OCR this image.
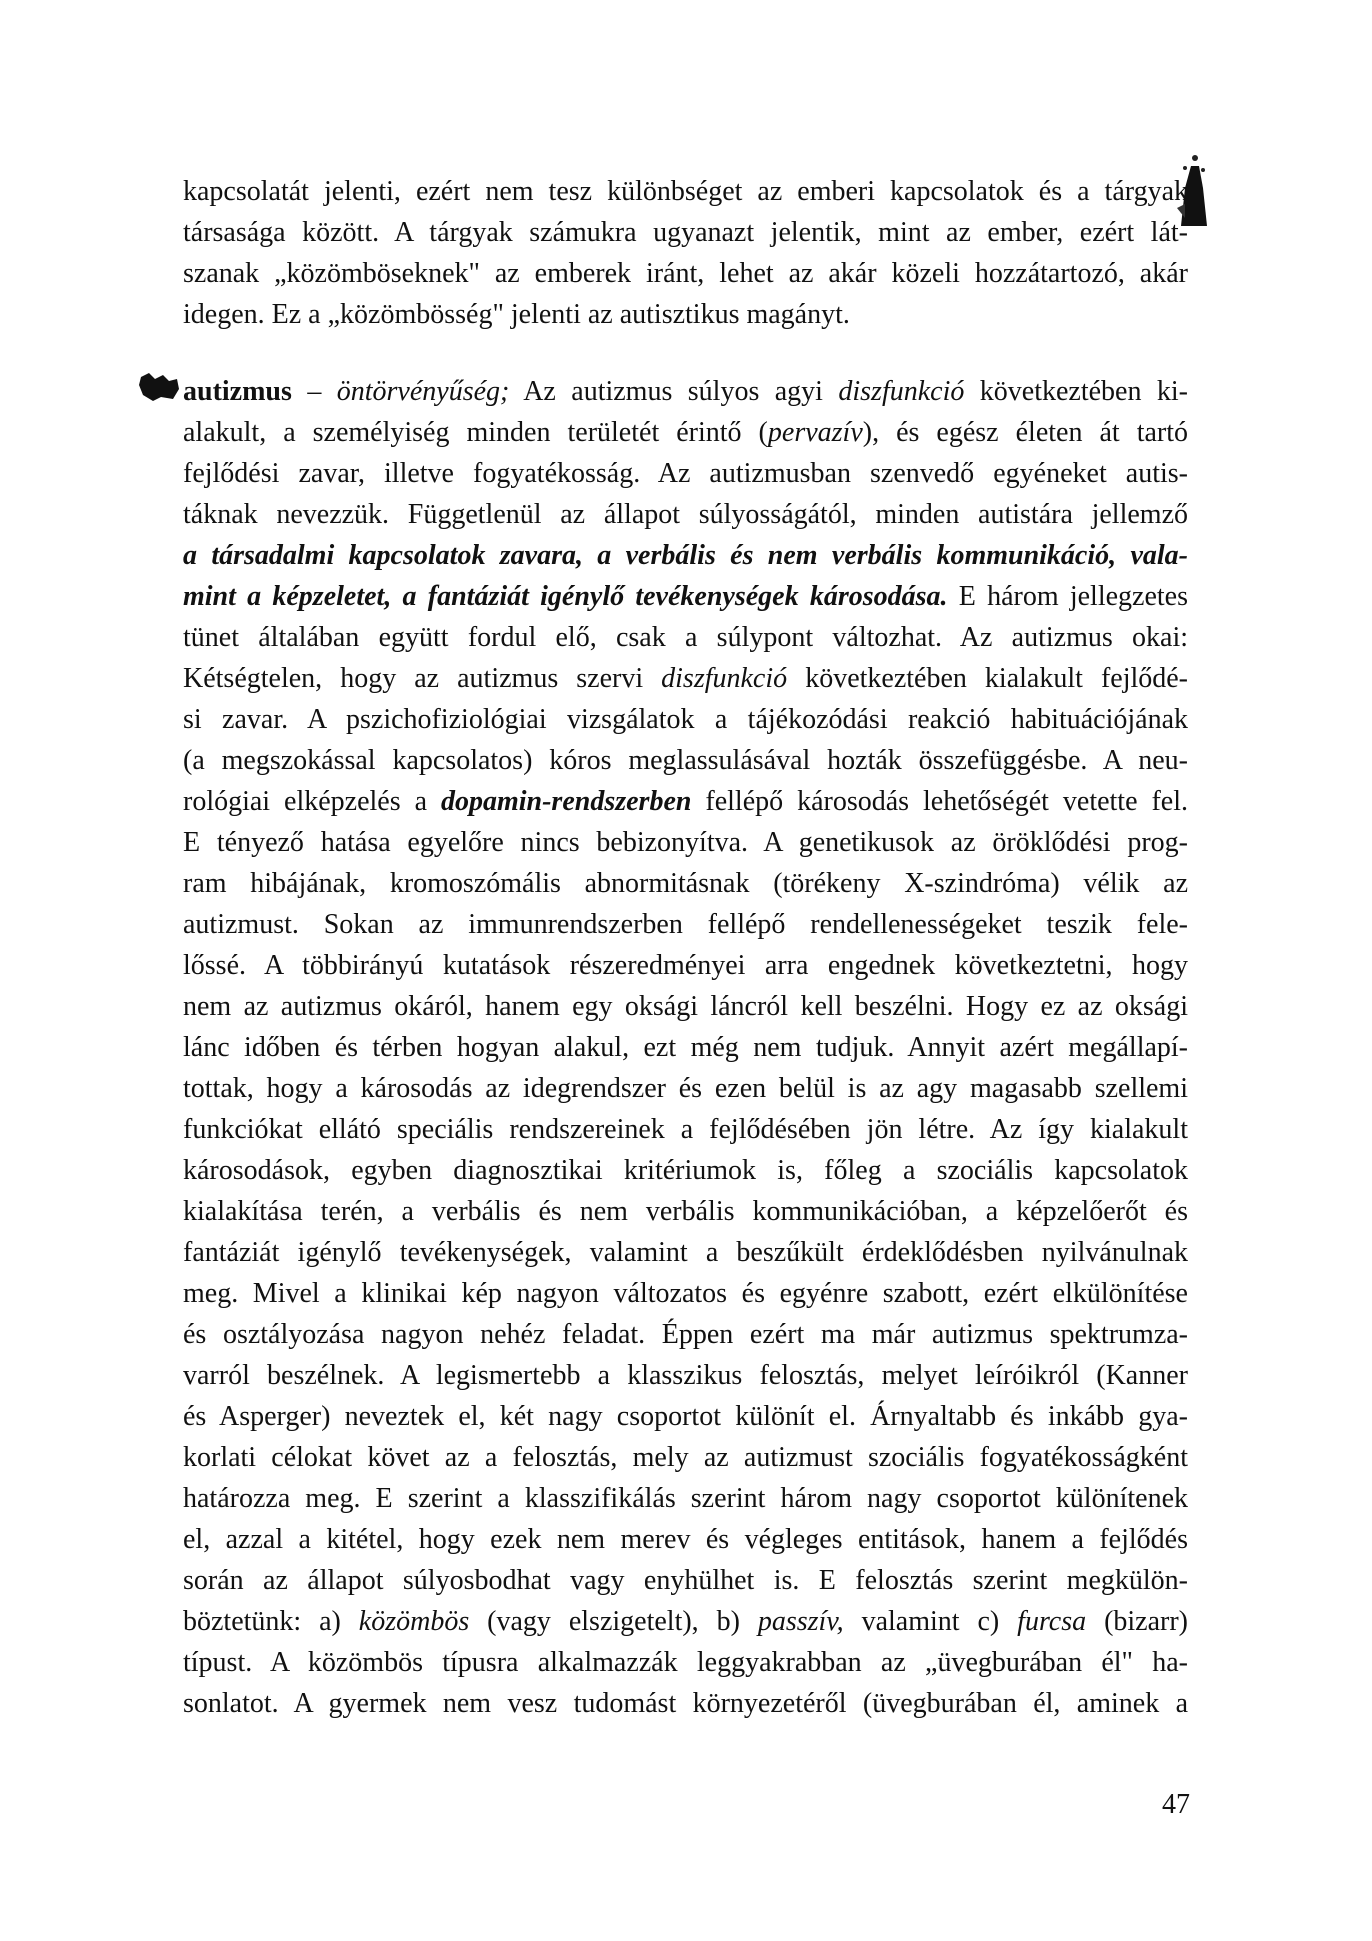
kapcsolatát jelenti, ezért nem tesz különbséget az emberi kapcsolatok és a tárgyak
társasága között. A tárgyak számukra ugyanazt jelentik, mint az ember, ezért lát-
szanak „közömböseknek" az emberek iránt, lehet az akár közeli hozzátartozó, akár
idegen. Ez a „közömbösség" jelenti az autisztikus magányt.
autizmus – öntörvényűség; Az autizmus súlyos agyi diszfunkció következtében ki-
alakult, a személyiség minden területét érintő (pervazív), és egész életen át tartó
fejlődési zavar, illetve fogyatékosság. Az autizmusban szenvedő egyéneket autis-
táknak nevezzük. Függetlenül az állapot súlyosságától, minden autistára jellemző
a társadalmi kapcsolatok zavara, a verbális és nem verbális kommunikáció, vala-
mint a képzeletet, a fantáziát igénylő tevékenységek károsodása. E három jellegzetes
tünet általában együtt fordul elő, csak a súlypont változhat. Az autizmus okai:
Kétségtelen, hogy az autizmus szervi diszfunkció következtében kialakult fejlődé-
si zavar. A pszichofiziológiai vizsgálatok a tájékozódási reakció habituációjának
(a megszokással kapcsolatos) kóros meglassulásával hozták összefüggésbe. A neu-
rológiai elképzelés a dopamin-rendszerben fellépő károsodás lehetőségét vetette fel.
E tényező hatása egyelőre nincs bebizonyítva. A genetikusok az öröklődési prog-
ram hibájának, kromoszómális abnormitásnak (törékeny X-szindróma) vélik az
autizmust. Sokan az immunrendszerben fellépő rendellenességeket teszik fele-
lőssé. A többirányú kutatások részeredményei arra engednek következtetni, hogy
nem az autizmus okáról, hanem egy oksági láncról kell beszélni. Hogy ez az oksági
lánc időben és térben hogyan alakul, ezt még nem tudjuk. Annyit azért megállapí-
tottak, hogy a károsodás az idegrendszer és ezen belül is az agy magasabb szellemi
funkciókat ellátó speciális rendszereinek a fejlődésében jön létre. Az így kialakult
károsodások, egyben diagnosztikai kritériumok is, főleg a szociális kapcsolatok
kialakítása terén, a verbális és nem verbális kommunikációban, a képzelőerőt és
fantáziát igénylő tevékenységek, valamint a beszűkült érdeklődésben nyilvánulnak
meg. Mivel a klinikai kép nagyon változatos és egyénre szabott, ezért elkülönítése
és osztályozása nagyon nehéz feladat. Éppen ezért ma már autizmus spektrumza-
varról beszélnek. A legismertebb a klasszikus felosztás, melyet leíróikról (Kanner
és Asperger) neveztek el, két nagy csoportot különít el. Árnyaltabb és inkább gya-
korlati célokat követ az a felosztás, mely az autizmust szociális fogyatékosságként
határozza meg. E szerint a klasszifikálás szerint három nagy csoportot különítenek
el, azzal a kitétel, hogy ezek nem merev és végleges entitások, hanem a fejlődés
során az állapot súlyosbodhat vagy enyhülhet is. E felosztás szerint megkülön-
böztetünk: a) közömbös (vagy elszigetelt), b) passzív, valamint c) furcsa (bizarr)
típust. A közömbös típusra alkalmazzák leggyakrabban az „üvegburában él" ha-
sonlatot. A gyermek nem vesz tudomást környezetéről (üvegburában él, aminek a
47
